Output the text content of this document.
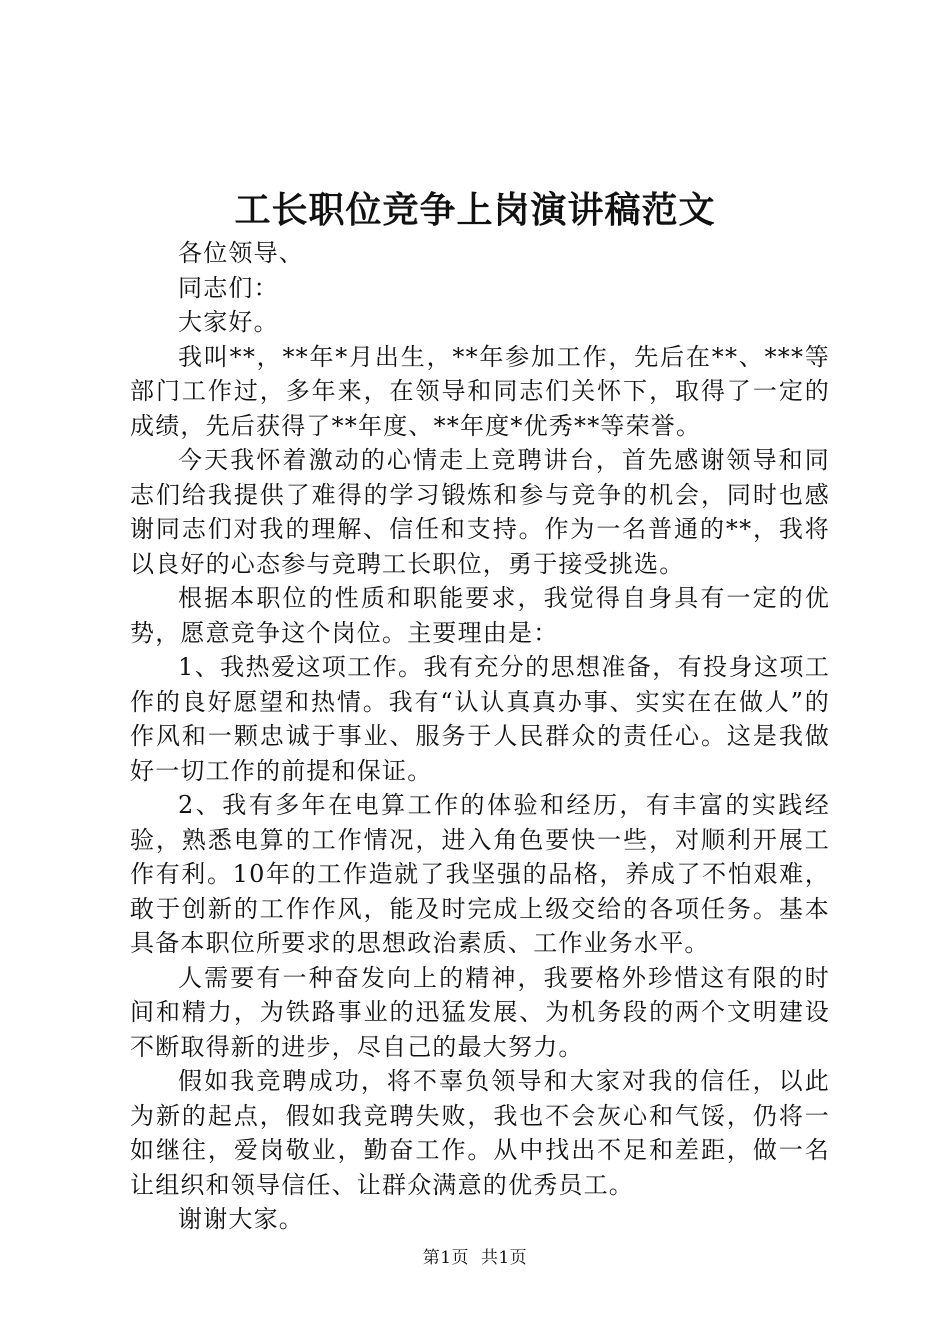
工长职位竞争上岗演讲稿范文

各位领导、

同志们：

大家好。

我叫**，**年*月出生，**年参加工作，先后在**、***等部门工作过，多年来，在领导和同志们关怀下，取得了一定的成绩，先后获得了**年度、**年度*优秀**等荣誉。

今天我怀着激动的心情走上竞聘讲台，首先感谢领导和同志们给我提供了难得的学习锻炼和参与竞争的机会，同时也感谢同志们对我的理解、信任和支持。作为一名普通的**，我将以良好的心态参与竞聘工长职位，勇于接受挑选。

根据本职位的性质和职能要求，我觉得自身具有一定的优势，愿意竞争这个岗位。主要理由是：

1、我热爱这项工作。我有充分的思想准备，有投身这项工作的良好愿望和热情。我有“认认真真办事、实实在在做人”的作风和一颗忠诚于事业、服务于人民群众的责任心。这是我做好一切工作的前提和保证。

2、我有多年在电算工作的体验和经历，有丰富的实践经验，熟悉电算的工作情况，进入角色要快一些，对顺利开展工作有利。10年的工作造就了我坚强的品格，养成了不怕艰难，敢于创新的工作作风，能及时完成上级交给的各项任务。基本具备本职位所要求的思想政治素质、工作业务水平。

人需要有一种奋发向上的精神，我要格外珍惜这有限的时间和精力，为铁路事业的迅猛发展、为机务段的两个文明建设不断取得新的进步，尽自己的最大努力。

假如我竞聘成功，将不辜负领导和大家对我的信任，以此为新的起点，假如我竞聘失败，我也不会灰心和气馁，仍将一如继往，爱岗敬业，勤奋工作。从中找出不足和差距，做一名让组织和领导信任、让群众满意的优秀员工。

谢谢大家。

第1页 共1页
